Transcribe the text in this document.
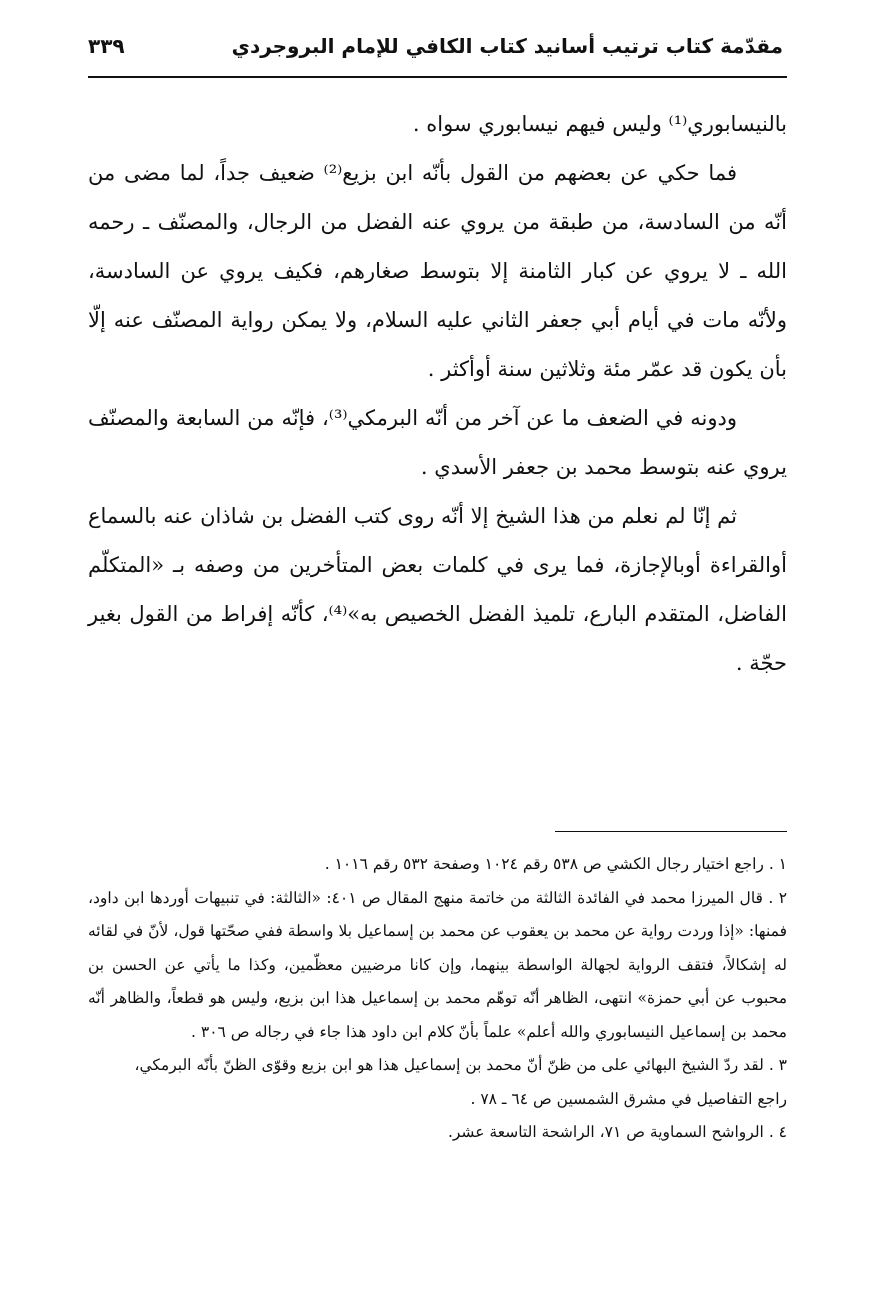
مقدّمة كتاب ترتيب أسانيد كتاب الكافي للإمام البروجردي
٣٣٩

بالنيسابوري⁽¹⁾ وليس فيهم نيسابوري سواه .

فما حكي عن بعضهم من القول بأنّه ابن بزيع⁽²⁾ ضعيف جداً، لما مضى من أنّه من السادسة، من طبقة من يروي عنه الفضل من الرجال، والمصنّف ـ رحمه الله ـ لا يروي عن كبار الثامنة إلا بتوسط صغارهم، فكيف يروي عن السادسة، ولأنّه مات في أيام أبي جعفر الثاني عليه السلام، ولا يمكن رواية المصنّف عنه إلّا بأن يكون قد عمّر مئة وثلاثين سنة أوأكثر .

ودونه في الضعف ما عن آخر من أنّه البرمكي⁽³⁾، فإنّه من السابعة والمصنّف يروي عنه بتوسط محمد بن جعفر الأسدي .

ثم إنّا لم نعلم من هذا الشيخ إلا أنّه روى كتب الفضل بن شاذان عنه بالسماع أوالقراءة أوبالإجازة، فما يرى في كلمات بعض المتأخرين من وصفه بـ «المتكلّم الفاضل، المتقدم البارع، تلميذ الفضل الخصيص به»⁽⁴⁾، كأنّه إفراط من القول بغير حجّة .

١ . راجع اختيار رجال الكشي ص ٥٣٨ رقم ١٠٢٤ وصفحة ٥٣٢ رقم ١٠١٦ .

٢ . قال الميرزا محمد في الفائدة الثالثة من خاتمة منهج المقال ص ٤٠١: «الثالثة: في تنبيهات أوردها ابن داود، فمنها: «إذا وردت رواية عن محمد بن يعقوب عن محمد بن إسماعيل بلا واسطة ففي صحّتها قول، لأنّ في لقائه له إشكالاً، فتقف الرواية لجهالة الواسطة بينهما، وإن كانا مرضيين معظّمين، وكذا ما يأتي عن الحسن بن محبوب عن أبي حمزة» انتهى، الظاهر أنّه توهّم محمد بن إسماعيل هذا ابن بزيع، وليس هو قطعاً، والظاهر أنّه محمد بن إسماعيل النيسابوري والله أعلم» علماً بأنّ كلام ابن داود هذا جاء في رجاله ص ٣٠٦ .

٣ . لقد ردّ الشيخ البهائي على من ظنّ أنّ محمد بن إسماعيل هذا هو ابن بزيع وقوّى الظنّ بأنّه البرمكي،

راجع التفاصيل في مشرق الشمسين ص ٦٤ ـ ٧٨ .

٤ . الرواشح السماوية ص ٧١، الراشحة التاسعة عشر.
